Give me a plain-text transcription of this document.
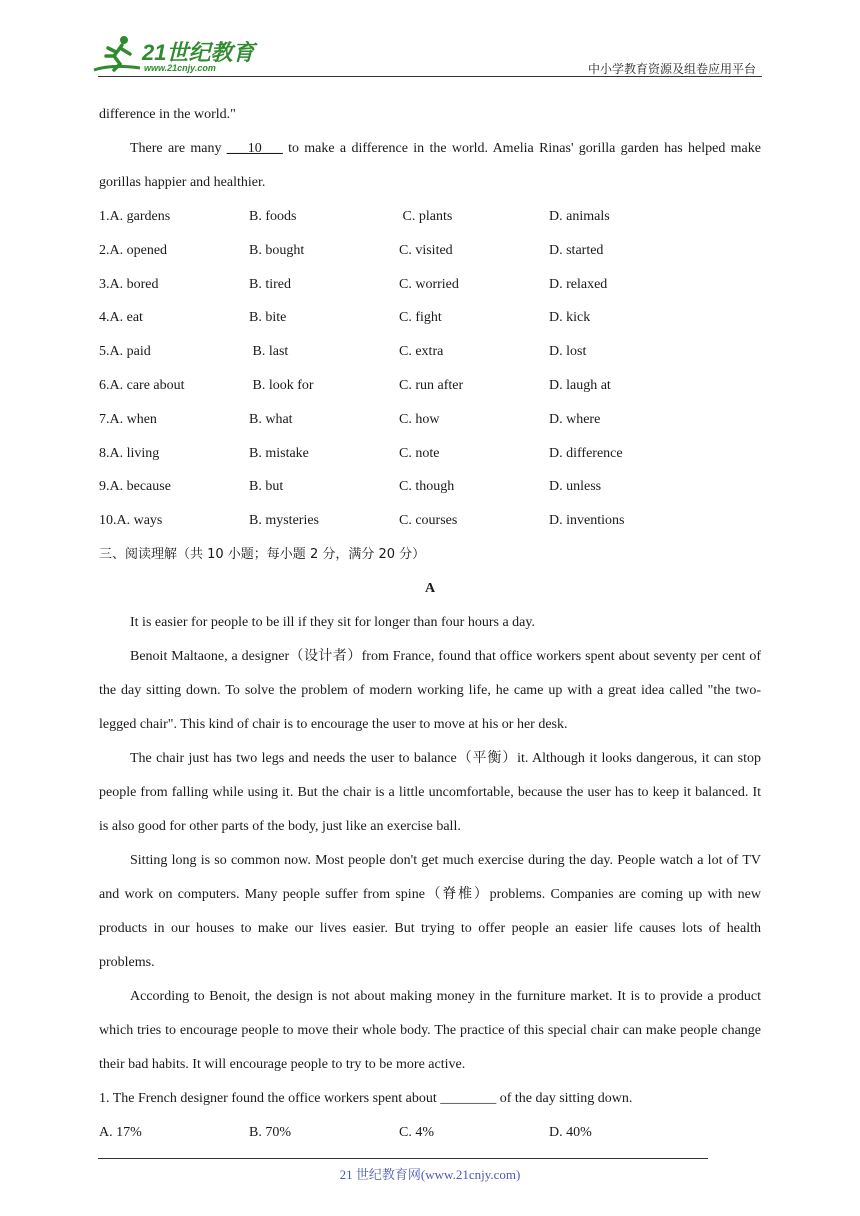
21世纪教育
www.21cnjy.com	中小学教育资源及组卷应用平台

difference in the world."

There are many ___10___ to make a difference in the world. Amelia Rinas' gorilla garden has helped make gorillas happier and healthier.

1.A. gardens	B. foods	C. plants	D. animals
2.A. opened	B. bought	C. visited	D. started
3.A. bored	B. tired	C. worried	D. relaxed
4.A. eat	B. bite	C. fight	D. kick
5.A. paid	B. last	C. extra	D. lost
6.A. care about	B. look for	C. run after	D. laugh at
7.A. when	B. what	C. how	D. where
8.A. living	B. mistake	C. note	D. difference
9.A. because	B. but	C. though	D. unless
10.A. ways	B. mysteries	C. courses	D. inventions
三、阅读理解（共 10 小题；每小题 2 分，满分 20 分）
A

It is easier for people to be ill if they sit for longer than four hours a day.

Benoit Maltaone, a designer（设计者）from France, found that office workers spent about seventy per cent of the day sitting down. To solve the problem of modern working life, he came up with a great idea called "the two-legged chair". This kind of chair is to encourage the user to move at his or her desk.

The chair just has two legs and needs the user to balance（平衡）it. Although it looks dangerous, it can stop people from falling while using it. But the chair is a little uncomfortable, because the user has to keep it balanced. It is also good for other parts of the body, just like an exercise ball.

Sitting long is so common now. Most people don't get much exercise during the day. People watch a lot of TV and work on computers. Many people suffer from spine（脊椎）problems. Companies are coming up with new products in our houses to make our lives easier. But trying to offer people an easier life causes lots of health problems.

According to Benoit, the design is not about making money in the furniture market. It is to provide a product which tries to encourage people to move their whole body. The practice of this special chair can make people change their bad habits. It will encourage people to try to be more active.

1. The French designer found the office workers spent about ________ of the day sitting down.

A. 17%	B. 70%	C. 4%	D. 40%
21 世纪教育网(www.21cnjy.com)
